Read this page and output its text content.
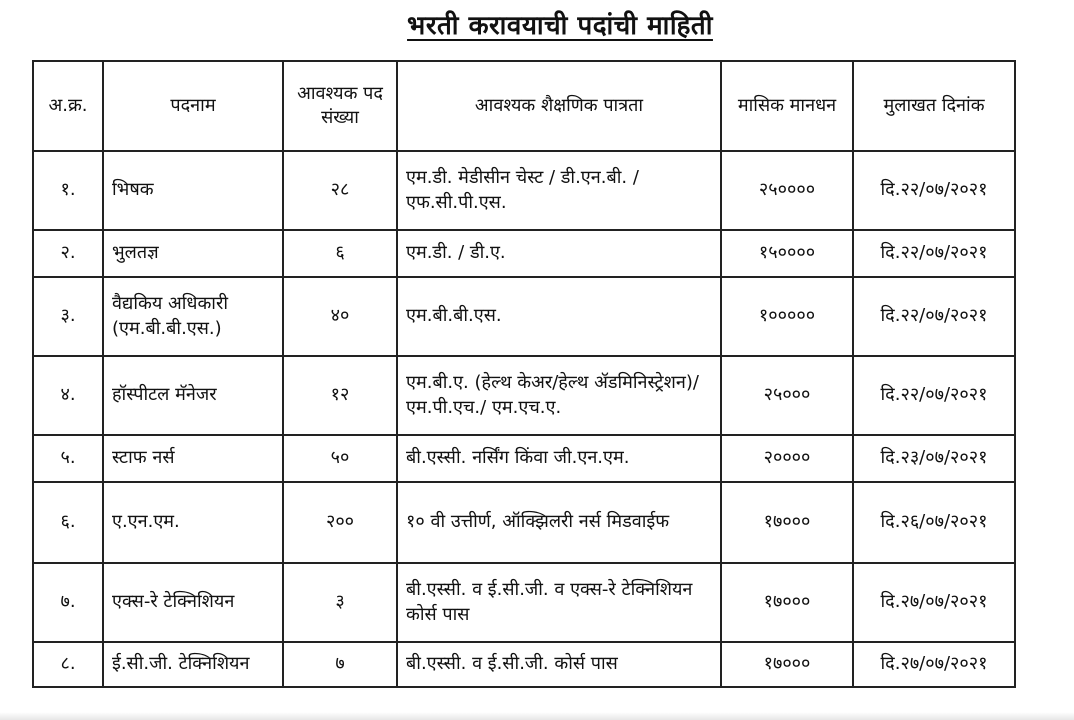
भरती करावयाची पदांची माहिती
अ.क्र.	पदनाम	आवश्यक पद संख्या	आवश्यक शैक्षणिक पात्रता	मासिक मानधन	मुलाखत दिनांक
१.	भिषक	२८	एम.डी. मेडीसीन चेस्ट / डी.एन.बी. / एफ.सी.पी.एस.	२५००००	दि.२२/०७/२०२१
२.	भुलतज्ञ	६	एम.डी. / डी.ए.	१५००००	दि.२२/०७/२०२१
३.	वैद्यकिय अधिकारी (एम.बी.बी.एस.)	४०	एम.बी.बी.एस.	१०००००	दि.२२/०७/२०२१
४.	हॉस्पीटल मॅनेजर	१२	एम.बी.ए. (हेल्थ केअर/हेल्थ ॲडमिनिस्ट्रेशन)/एम.पी.एच./ एम.एच.ए.	२५०००	दि.२२/०७/२०२१
५.	स्टाफ नर्स	५०	बी.एस्सी. नर्सिंग किंवा जी.एन.एम.	२००००	दि.२३/०७/२०२१
६.	ए.एन.एम.	२००	१० वी उत्तीर्ण, ऑक्झिलरी नर्स मिडवाईफ	१७०००	दि.२६/०७/२०२१
७.	एक्स-रे टेक्निशियन	३	बी.एस्सी. व ई.सी.जी. व एक्स-रे टेक्निशियन कोर्स पास	१७०००	दि.२७/०७/२०२१
८.	ई.सी.जी. टेक्निशियन	७	बी.एस्सी. व ई.सी.जी. कोर्स पास	१७०००	दि.२७/०७/२०२१
